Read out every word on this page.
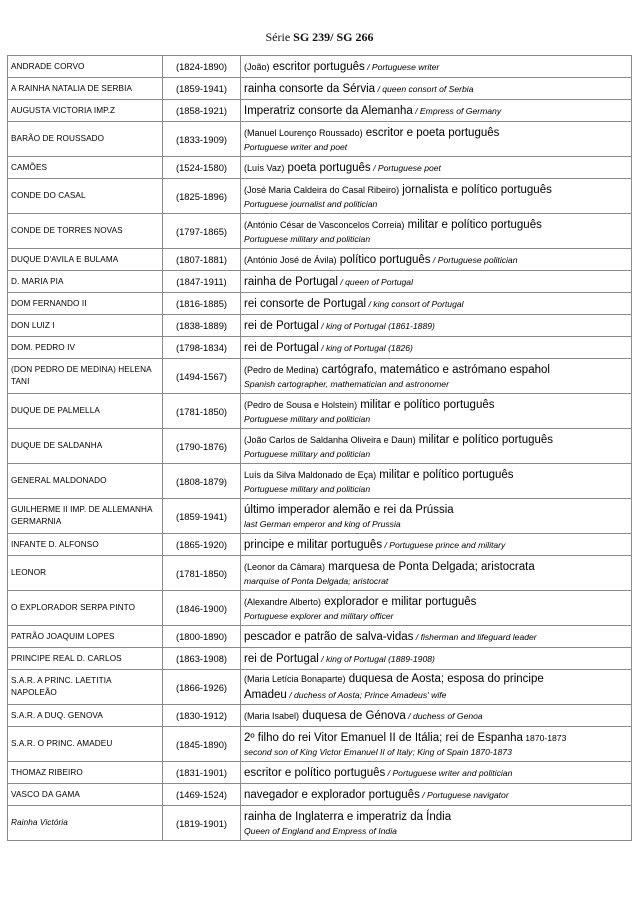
Série SG 239/ SG 266
ANDRADE CORVO	(1824-1890)	(João) escritor português / Portuguese writer
A RAINHA NATALIA DE SERBIA	(1859-1941)	rainha consorte da Sérvia / queen consort of Serbia
AUGUSTA VICTORIA IMP.Z	(1858-1921)	Imperatriz consorte da Alemanha / Empress of Germany
BARÃO DE ROUSSADO	(1833-1909)	(Manuel Lourenço Roussado) escritor e poeta português
Portuguese writer and poet

CAMÕES	(1524-1580)	(Luís Vaz) poeta português / Portuguese poet
CONDE DO CASAL	(1825-1896)	(José Maria Caldeira do Casal Ribeiro) jornalista e político português
Portuguese journalist and politician

CONDE DE TORRES NOVAS	(1797-1865)	(António César de Vasconcelos Correia) militar e político português
Portuguese military and politician

DUQUE D'AVILA E BULAMA	(1807-1881)	(António José de Ávila) político português / Portuguese politician
D. MARIA PIA	(1847-1911)	rainha de Portugal / queen of Portugal
DOM FERNANDO II	(1816-1885)	rei consorte de Portugal / king consort of Portugal
DON LUIZ I	(1838-1889)	rei de Portugal / king of Portugal (1861-1889)
DOM. PEDRO IV	(1798-1834)	rei de Portugal / king of Portugal (1826)
(DON PEDRO DE MEDINA) HELENA TANI	(1494-1567)	(Pedro de Medina) cartógrafo, matemático e astrómano espahol
Spanish cartographer, mathematician and astronomer

DUQUE DE PALMELLA	(1781-1850)	(Pedro de Sousa e Holstein) militar e político português
Portuguese military and politician

DUQUE DE SALDANHA	(1790-1876)	(João Carlos de Saldanha Oliveira e Daun) militar e político português
Portuguese military and politician

GENERAL MALDONADO	(1808-1879)	Luís da Silva Maldonado de Eça) militar e político português
Portuguese military and politician

GUILHERME II IMP. DE ALLEMANHA GERMARNIA	(1859-1941)	último imperador alemão e rei da Prússia
last German emperor and king of Prussia

INFANTE D. ALFONSO	(1865-1920)	principe e militar português / Portuguese prince and military
LEONOR	(1781-1850)	(Leonor da Câmara) marquesa de Ponta Delgada; aristocrata
marquise of Ponta Delgada; aristocrat

O EXPLORADOR SERPA PINTO	(1846-1900)	(Alexandre Alberto) explorador e militar português
Portuguese explorer and military officer

PATRÃO JOAQUIM LOPES	(1800-1890)	pescador e patrão de salva-vidas / fisherman and lifeguard leader
PRINCIPE REAL D. CARLOS	(1863-1908)	rei de Portugal / king of Portugal (1889-1908)
S.A.R. A PRINC. LAETITIA NAPOLEÃO	(1866-1926)	(Maria Letícia Bonaparte) duquesa de Aosta; esposa do principe
Amadeu / duchess of Aosta; Prince Amadeus' wife
S.A.R. A DUQ. GENOVA	(1830-1912)	(Maria Isabel) duquesa de Génova / duchess of Genoa
S.A.R. O PRINC. AMADEU	(1845-1890)	2º filho do rei Vitor Emanuel II de Itália; rei de Espanha 1870-1873
second son of King Victor Emanuel II of Italy; King of Spain 1870-1873

THOMAZ RIBEIRO	(1831-1901)	escritor e político português / Portuguese writer and politician
VASCO DA GAMA	(1469-1524)	navegador e explorador português / Portuguese navigator
Rainha Victória	(1819-1901)	rainha de Inglaterra e imperatriz da Índia
Queen of England and Empress of India
